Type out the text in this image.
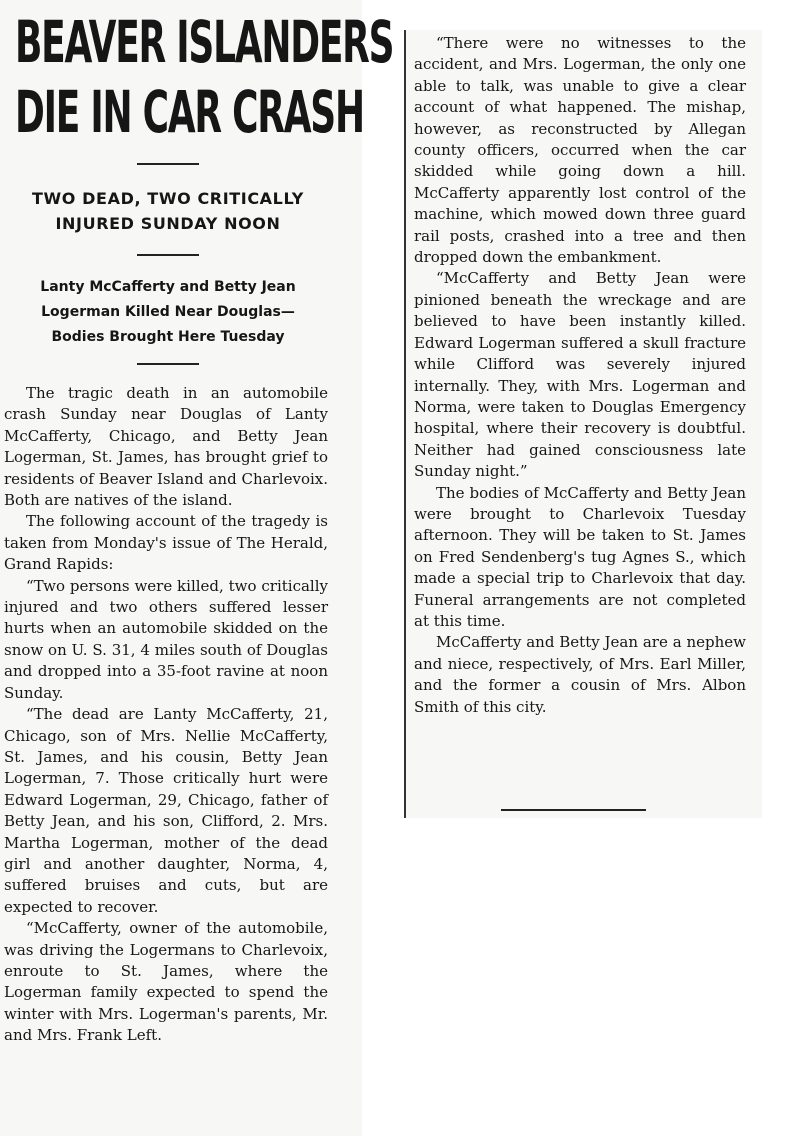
BEAVER ISLANDERS
DIE IN CAR CRASH
TWO DEAD, TWO CRITICALLY
INJURED SUNDAY NOON
Lanty McCafferty and Betty Jean
Logerman Killed Near Douglas—
Bodies Brought Here Tuesday

The tragic death in an automobile crash Sunday near Douglas of Lanty McCafferty, Chicago, and Betty Jean Logerman, St. James, has brought grief to residents of Beaver Island and Charlevoix. Both are natives of the island.

The following account of the tragedy is taken from Monday's issue of The Herald, Grand Rapids:

“Two persons were killed, two critically injured and two others suffered lesser hurts when an automobile skidded on the snow on U. S. 31, 4 miles south of Douglas and dropped into a 35-foot ravine at noon Sunday.

“The dead are Lanty McCafferty, 21, Chicago, son of Mrs. Nellie McCafferty, St. James, and his cousin, Betty Jean Logerman, 7. Those critically hurt were Edward Logerman, 29, Chicago, father of Betty Jean, and his son, Clifford, 2. Mrs. Martha Logerman, mother of the dead girl and another daughter, Norma, 4, suffered bruises and cuts, but are expected to recover.

“McCafferty, owner of the automobile, was driving the Logermans to Charlevoix, enroute to St. James, where the Logerman family expected to spend the winter with Mrs. Logerman's parents, Mr. and Mrs. Frank Left.

“There were no witnesses to the accident, and Mrs. Logerman, the only one able to talk, was unable to give a clear account of what happened. The mishap, however, as reconstructed by Allegan county officers, occurred when the car skidded while going down a hill. McCafferty apparently lost control of the machine, which mowed down three guard rail posts, crashed into a tree and then dropped down the embankment.

“McCafferty and Betty Jean were pinioned beneath the wreckage and are believed to have been instantly killed. Edward Logerman suffered a skull fracture while Clifford was severely injured internally. They, with Mrs. Logerman and Norma, were taken to Douglas Emergency hospital, where their recovery is doubtful. Neither had gained consciousness late Sunday night.”

The bodies of McCafferty and Betty Jean were brought to Charlevoix Tuesday afternoon. They will be taken to St. James on Fred Sendenberg's tug Agnes S., which made a special trip to Charlevoix that day. Funeral arrangements are not completed at this time.

McCafferty and Betty Jean are a nephew and niece, respectively, of Mrs. Earl Miller, and the former a cousin of Mrs. Albon Smith of this city.
